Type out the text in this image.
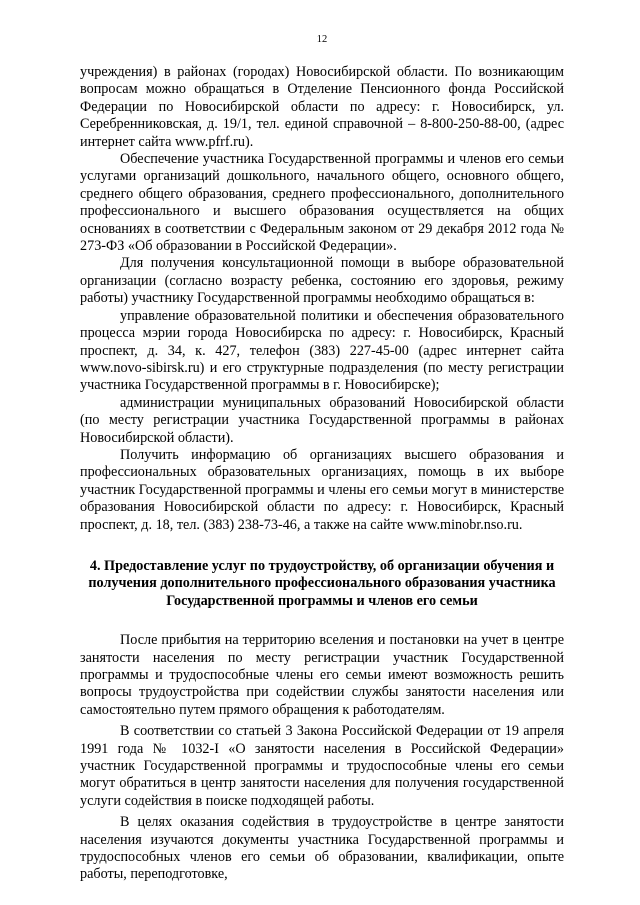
12

учреждения) в районах (городах) Новосибирской области. По возникающим вопросам можно обращаться в Отделение Пенсионного фонда Российской Федерации по Новосибирской области по адресу: г. Новосибирск, ул. Серебренниковская, д. 19/1, тел. единой справочной – 8-800-250-88-00, (адрес интернет сайта www.pfrf.ru).

Обеспечение участника Государственной программы и членов его семьи услугами организаций дошкольного, начального общего, основного общего, среднего общего образования, среднего профессионального, дополнительного профессионального и высшего образования осуществляется на общих основаниях в соответствии с Федеральным законом от 29 декабря 2012 года № 273-ФЗ «Об образовании в Российской Федерации».

Для получения консультационной помощи в выборе образовательной организации (согласно возрасту ребенка, состоянию его здоровья, режиму работы) участнику Государственной программы необходимо обращаться в:

управление образовательной политики и обеспечения образовательного процесса мэрии города Новосибирска по адресу: г. Новосибирск, Красный проспект, д. 34, к. 427, телефон (383) 227-45-00 (адрес интернет сайта www.novo-sibirsk.ru) и его структурные подразделения (по месту регистрации участника Государственной программы в г. Новосибирске);

администрации муниципальных образований Новосибирской области (по месту регистрации участника Государственной программы в районах Новосибирской области).

Получить информацию об организациях высшего образования и профессиональных образовательных организациях, помощь в их выборе участник Государственной программы и члены его семьи могут в министерстве образования Новосибирской области по адресу: г. Новосибирск, Красный проспект, д. 18, тел. (383) 238-73-46, а также на сайте www.minobr.nso.ru.

4. Предоставление услуг по трудоустройству, об организации обучения и получения дополнительного профессионального образования участника Государственной программы и членов его семьи

После прибытия на территорию вселения и постановки на учет в центре занятости населения по месту регистрации участник Государственной программы и трудоспособные члены его семьи имеют возможность решить вопросы трудоустройства при содействии службы занятости населения или самостоятельно путем прямого обращения к работодателям.

В соответствии со статьей 3 Закона Российской Федерации от 19 апреля 1991 года № 1032-I «О занятости населения в Российской Федерации» участник Государственной программы и трудоспособные члены его семьи могут обратиться в центр занятости населения для получения государственной услуги содействия в поиске подходящей работы.

В целях оказания содействия в трудоустройстве в центре занятости населения изучаются документы участника Государственной программы и трудоспособных членов его семьи об образовании, квалификации, опыте работы, переподготовке,
